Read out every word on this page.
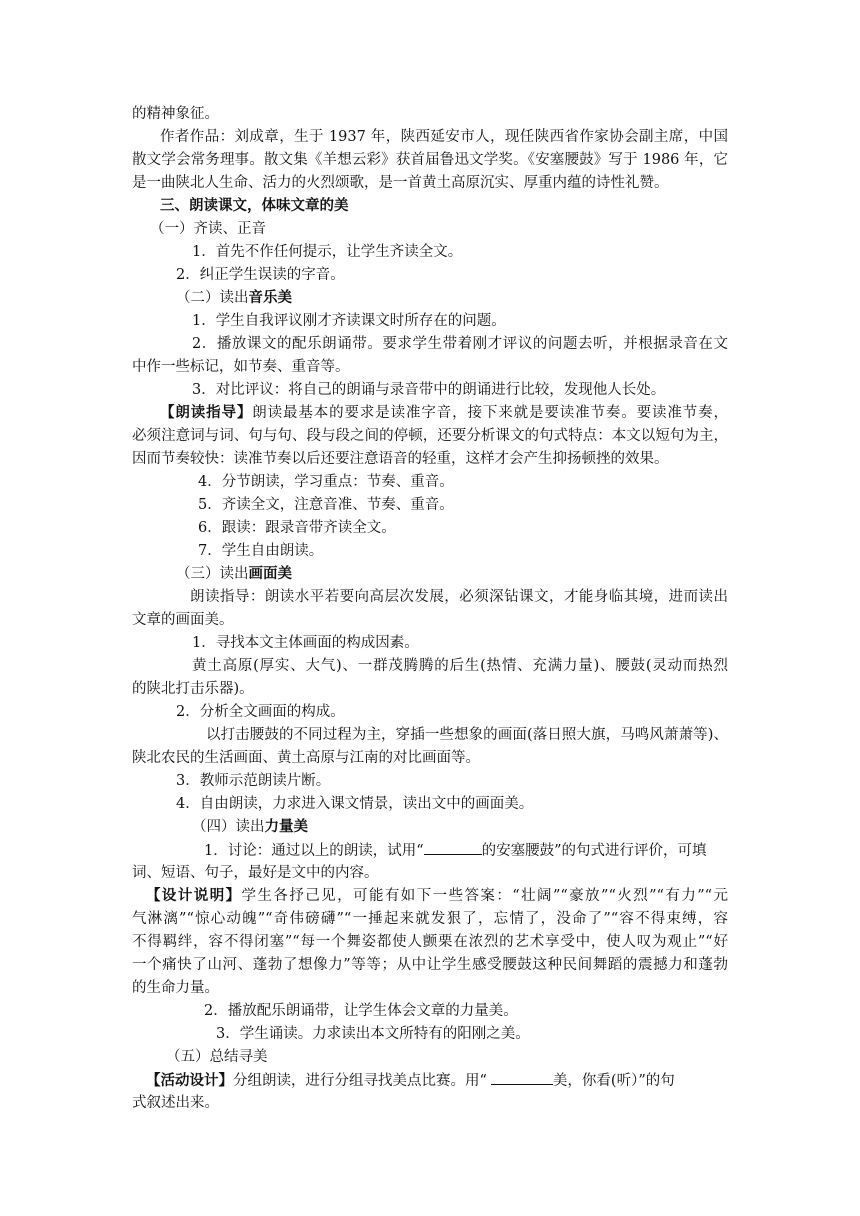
的精神象征。
作者作品：刘成章，生于 1937 年，陕西延安市人，现任陕西省作家协会副主席，中国
散文学会常务理事。散文集《羊想云彩》获首届鲁迅文学奖。《安塞腰鼓》写于 1986 年，它
是一曲陕北人生命、活力的火烈颂歌，是一首黄土高原沉实、厚重内蕴的诗性礼赞。
三、朗读课文，体味文章的美
（一）齐读、正音
1．首先不作任何提示，让学生齐读全文。
2．纠正学生误读的字音。
（二）读出音乐美
1．学生自我评议刚才齐读课文时所存在的问题。
2．播放课文的配乐朗诵带。要求学生带着刚才评议的问题去听，并根据录音在文
中作一些标记，如节奏、重音等。
3．对比评议：将自己的朗诵与录音带中的朗诵进行比较，发现他人长处。
【朗读指导】朗读最基本的要求是读准字音，接下来就是要读准节奏。要读准节奏，
必须注意词与词、句与句、段与段之间的停顿，还要分析课文的句式特点：本文以短句为主，
因而节奏较快：读准节奏以后还要注意语音的轻重，这样才会产生抑扬顿挫的效果。
4．分节朗读，学习重点：节奏、重音。
5．齐读全文，注意音准、节奏、重音。
6．跟读：跟录音带齐读全文。
7．学生自由朗读。
（三）读出画面美
朗读指导：朗读水平若要向高层次发展，必须深钻课文，才能身临其境，进而读出
文章的画面美。
1．寻找本文主体画面的构成因素。
黄土高原(厚实、大气)、一群茂腾腾的后生(热情、充满力量)、腰鼓(灵动而热烈
的陕北打击乐器)。
2．分析全文画面的构成。
以打击腰鼓的不同过程为主，穿插一些想象的画面(落日照大旗，马鸣风萧萧等)、
陕北农民的生活画面、黄土高原与江南的对比画面等。
3．教师示范朗读片断。
4．自由朗读，力求进入课文情景，读出文中的画面美。
（四）读出力量美
1．讨论：通过以上的朗读，试用“	的安塞腰鼓”的句式进行评价，可填
词、短语、句子，最好是文中的内容。
【设计说明】学生各抒己见，可能有如下一些答案：“壮阔”“豪放”“火烈”“有力”“元
气淋漓”“惊心动魄”“奇伟磅礴”“一捶起来就发狠了，忘情了，没命了”“容不得束缚，容
不得羁绊，容不得闭塞”“每一个舞姿都使人颤栗在浓烈的艺术享受中，使人叹为观止”“好
一个痛快了山河、蓬勃了想像力”等等；从中让学生感受腰鼓这种民间舞蹈的震撼力和蓬勃
的生命力量。
2．播放配乐朗诵带，让学生体会文章的力量美。
3．学生诵读。力求读出本文所特有的阳刚之美。
（五）总结寻美
【活动设计】分组朗读，进行分组寻找美点比赛。用“	美，你看(听）”的句
式叙述出来。
